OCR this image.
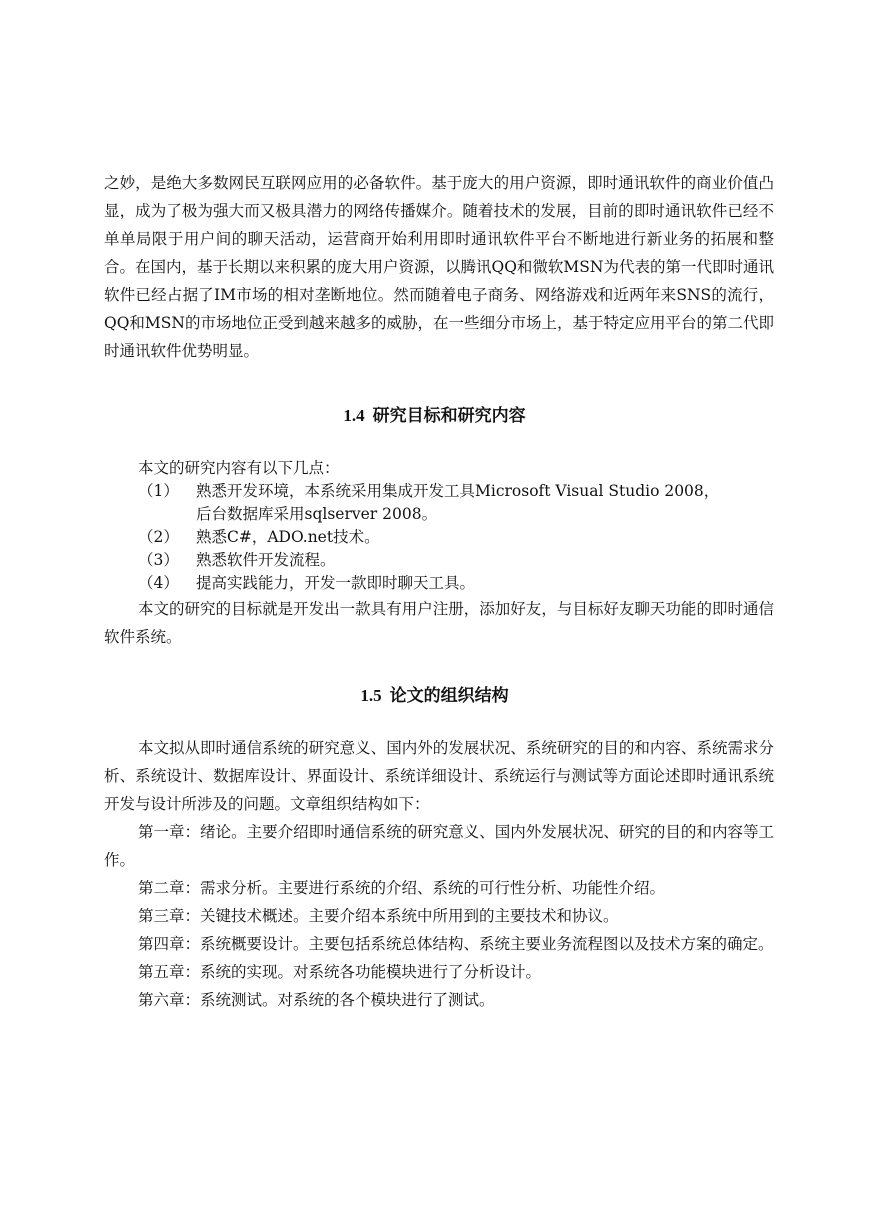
之妙，是绝大多数网民互联网应用的必备软件。基于庞大的用户资源，即时通讯软件的商业价值凸显，成为了极为强大而又极具潜力的网络传播媒介。随着技术的发展，目前的即时通讯软件已经不单单局限于用户间的聊天活动，运营商开始利用即时通讯软件平台不断地进行新业务的拓展和整合。在国内，基于长期以来积累的庞大用户资源，以腾讯QQ和微软MSN为代表的第一代即时通讯软件已经占据了IM市场的相对垄断地位。然而随着电子商务、网络游戏和近两年来SNS的流行，QQ和MSN的市场地位正受到越来越多的威胁，在一些细分市场上，基于特定应用平台的第二代即时通讯软件优势明显。

1.4 研究目标和研究内容

本文的研究内容有以下几点：

（1）	熟悉开发环境，本系统采用集成开发工具Microsoft Visual Studio 2008，
后台数据库采用sqlserver 2008。
（2）	熟悉C#，ADO.net技术。
（3）	熟悉软件开发流程。
（4）	提高实践能力，开发一款即时聊天工具。

本文的研究的目标就是开发出一款具有用户注册，添加好友，与目标好友聊天功能的即时通信软件系统。

1.5 论文的组织结构

本文拟从即时通信系统的研究意义、国内外的发展状况、系统研究的目的和内容、系统需求分析、系统设计、数据库设计、界面设计、系统详细设计、系统运行与测试等方面论述即时通讯系统开发与设计所涉及的问题。文章组织结构如下：

第一章：绪论。主要介绍即时通信系统的研究意义、国内外发展状况、研究的目的和内容等工作。

第二章：需求分析。主要进行系统的介绍、系统的可行性分析、功能性介绍。

第三章：关键技术概述。主要介绍本系统中所用到的主要技术和协议。

第四章：系统概要设计。主要包括系统总体结构、系统主要业务流程图以及技术方案的确定。

第五章：系统的实现。对系统各功能模块进行了分析设计。

第六章：系统测试。对系统的各个模块进行了测试。
